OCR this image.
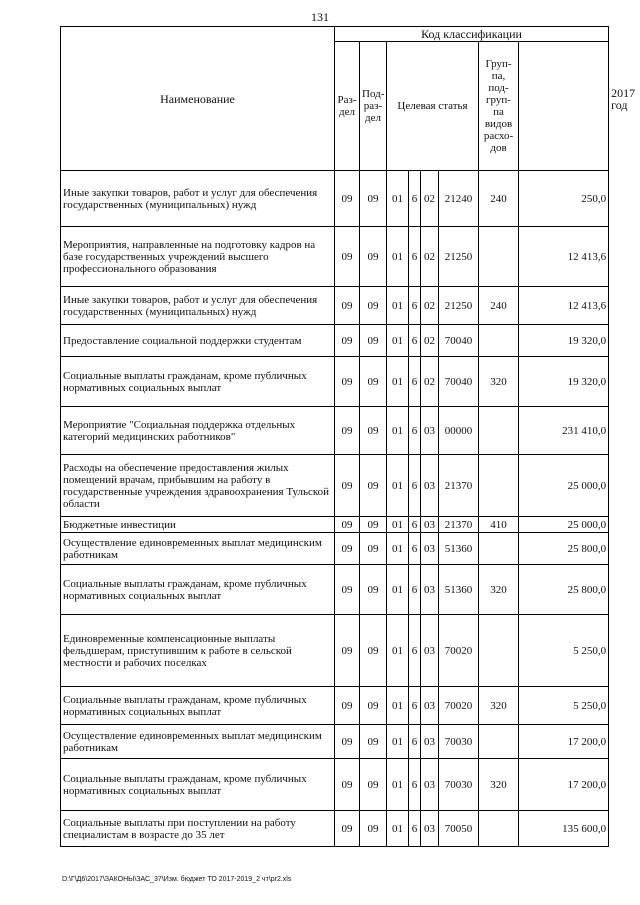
131
Наименование	Код классификации								2017 год
	Раз-дел	Под-раз-дел	Целевая статья				Груп-па, под-груп-па видов расхо-дов		
Иные закупки товаров, работ и услуг для обеспечения государственных (муниципальных) нужд	09	09	01	6	02	21240	240	250,0	
Мероприятия, направленные на подготовку кадров на базе государственных учреждений высшего профессионального образования	09	09	01	6	02	21250		12 413,6	
Иные закупки товаров, работ и услуг для обеспечения государственных (муниципальных) нужд	09	09	01	6	02	21250	240	12 413,6	
Предоставление социальной поддержки студентам	09	09	01	6	02	70040		19 320,0	
Социальные выплаты гражданам, кроме публичных нормативных социальных выплат	09	09	01	6	02	70040	320	19 320,0	
Мероприятие "Социальная поддержка отдельных категорий медицинских работников"	09	09	01	6	03	00000		231 410,0	
Расходы на обеспечение предоставления жилых помещений врачам, прибывшим на работу в государственные учреждения здравоохранения Тульской области	09	09	01	6	03	21370		25 000,0	
Бюджетные инвестиции	09	09	01	6	03	21370	410	25 000,0	
Осуществление единовременных выплат медицинским работникам	09	09	01	6	03	51360		25 800,0	
Социальные выплаты гражданам, кроме публичных нормативных социальных выплат	09	09	01	6	03	51360	320	25 800,0	
Единовременные компенсационные выплаты фельдшерам, приступившим к работе в сельской местности и рабочих поселках	09	09	01	6	03	70020		5 250,0	
Социальные выплаты гражданам, кроме публичных нормативных социальных выплат	09	09	01	6	03	70020	320	5 250,0	
Осуществление единовременных выплат медицинским работникам	09	09	01	6	03	70030		17 200,0	
Социальные выплаты гражданам, кроме публичных нормативных социальных выплат	09	09	01	6	03	70030	320	17 200,0	
Социальные выплаты при поступлении на работу специалистам в возрасте до 35 лет	09	09	01	6	03	70050		135 600,0	
D:\Г\Д6\2017\ЗАКОНЫ\ЗАС_37\Изм. бюджет ТО 2017-2019_2 чт\pr2.xls
